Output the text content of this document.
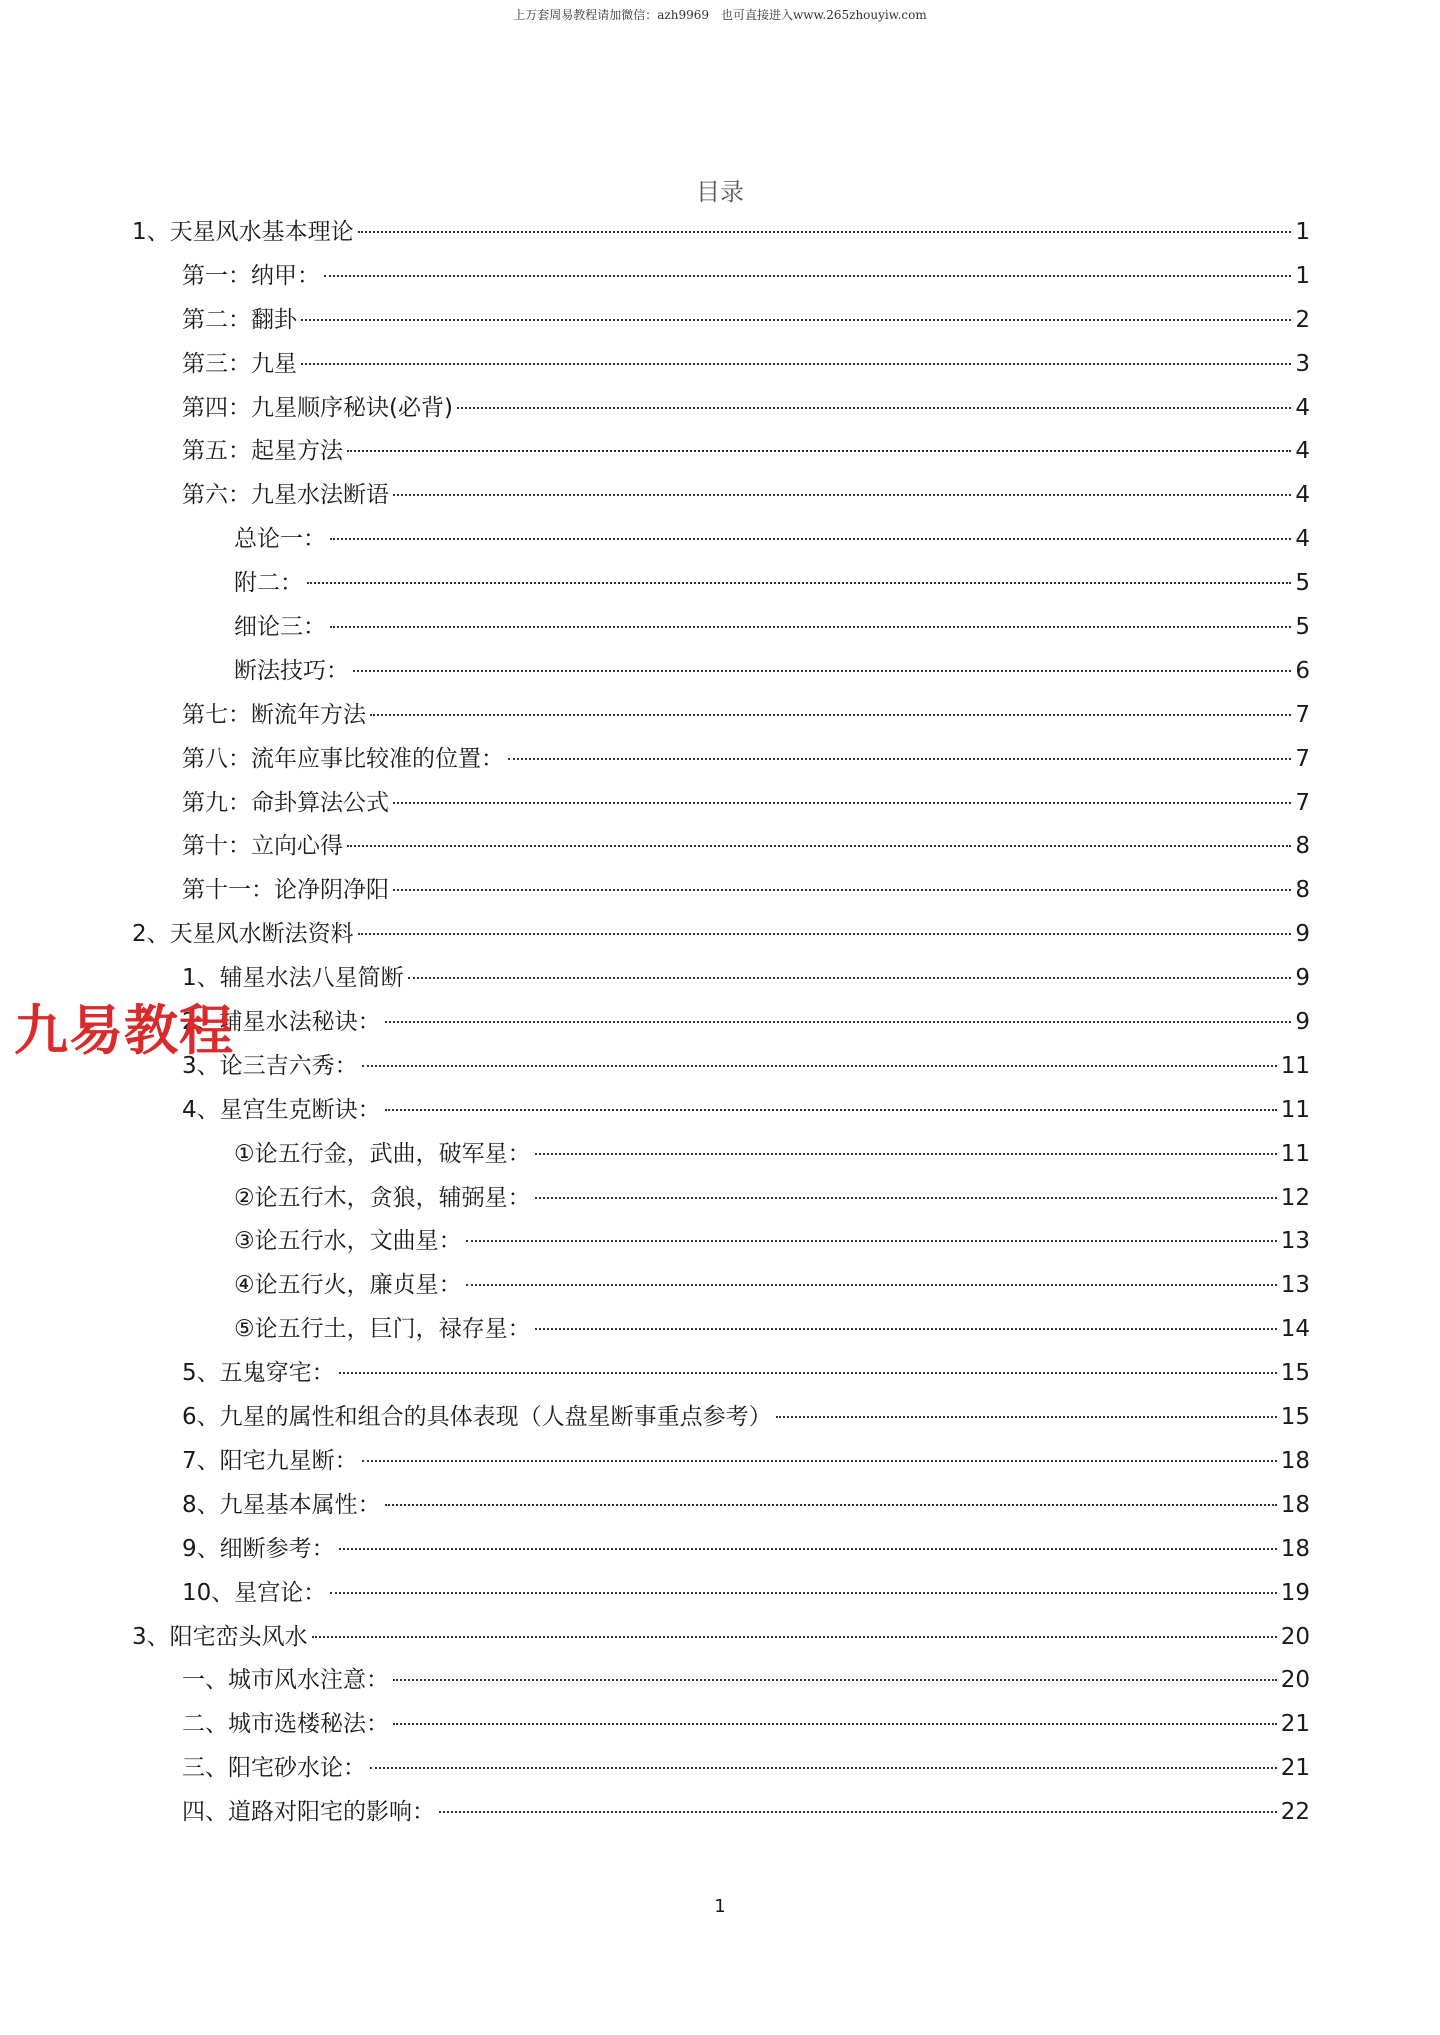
上万套周易教程请加微信：azh9969　也可直接进入www.265zhouyiw.com
目录
1、天星风水基本理论	1
第一：纳甲：	1
第二：翻卦	2
第三：九星	3
第四：九星顺序秘诀(必背)	4
第五：起星方法	4
第六：九星水法断语	4
总论一：	4
附二：	5
细论三：	5
断法技巧：	6
第七：断流年方法	7
第八：流年应事比较准的位置：	7
第九：命卦算法公式	7
第十：立向心得	8
第十一：论净阴净阳	8
2、天星风水断法资料	9
1、辅星水法八星简断	9
2、辅星水法秘诀：	9
3、论三吉六秀：	11
4、星宫生克断诀：	11
①论五行金，武曲，破军星：	11
②论五行木，贪狼，辅弼星：	12
③论五行水，文曲星：	13
④论五行火，廉贞星：	13
⑤论五行土，巨门，禄存星：	14
5、五鬼穿宅：	15
6、九星的属性和组合的具体表现（人盘星断事重点参考）	15
7、阳宅九星断：	18
8、九星基本属性：	18
9、细断参考：	18
10、星宫论：	19
3、阳宅峦头风水	20
一、城市风水注意：	20
二、城市选楼秘法：	21
三、阳宅砂水论：	21
四、道路对阳宅的影响：	22
九易教程
1
